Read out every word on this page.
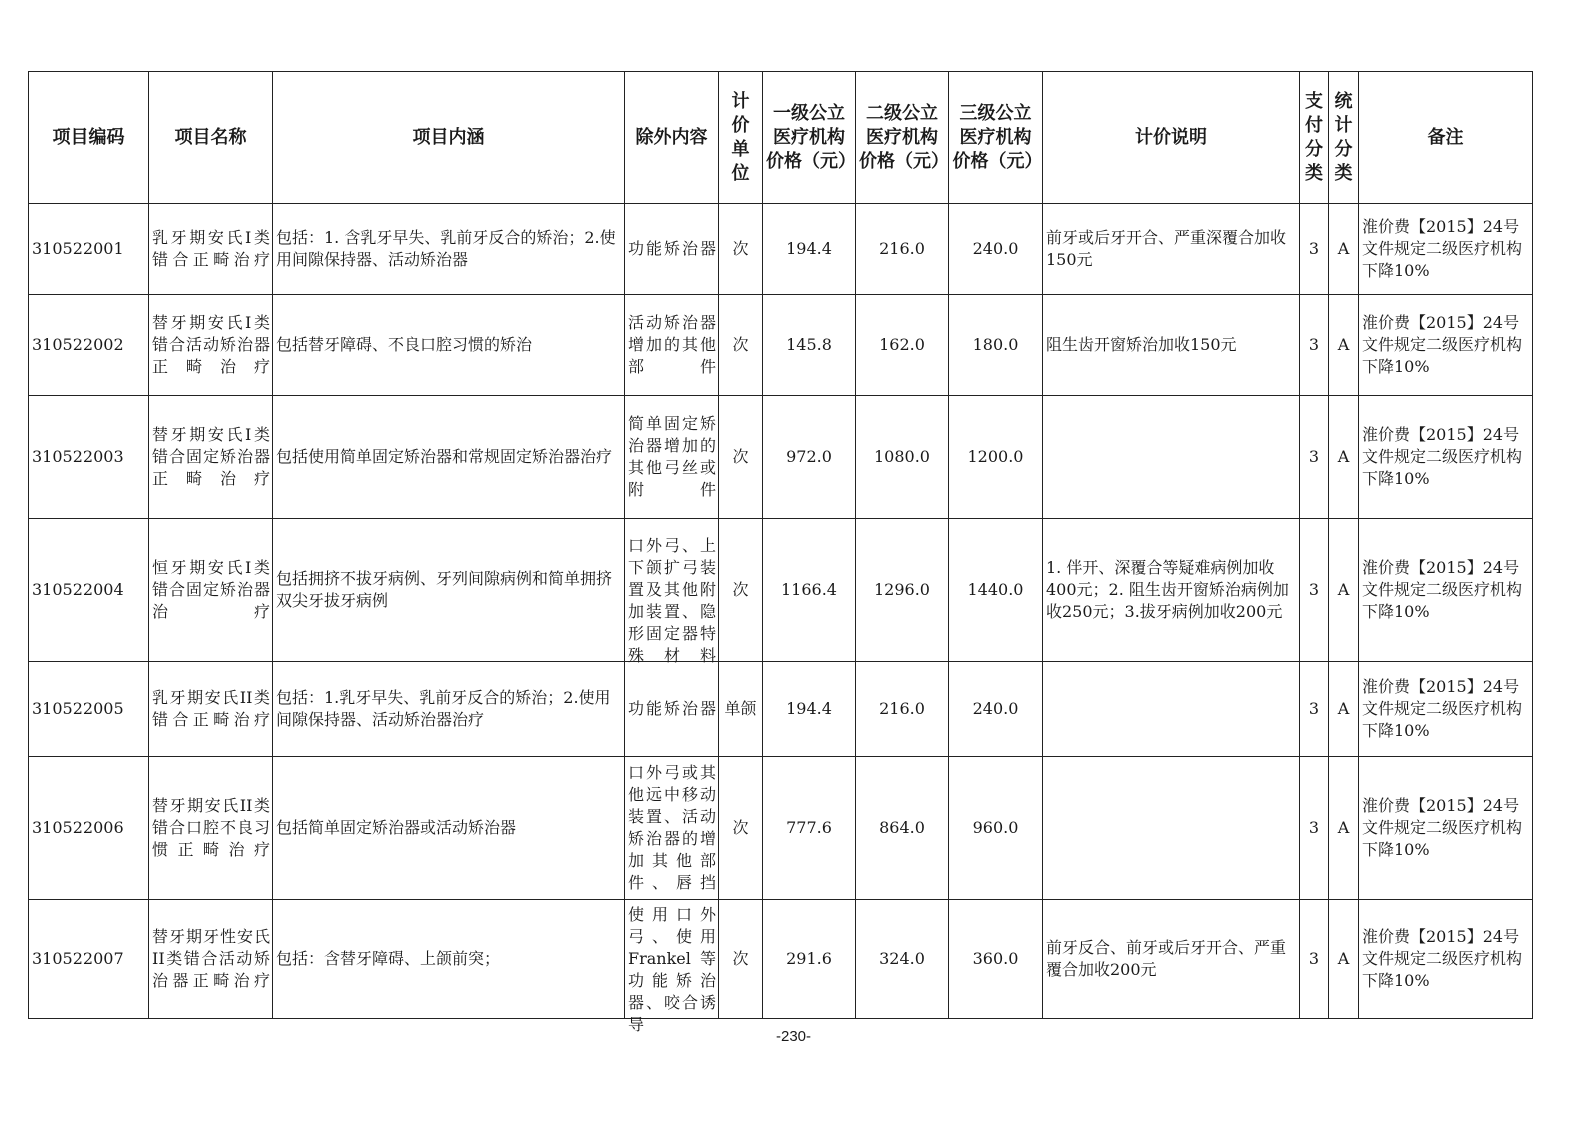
项目编码	项目名称	项目内涵	除外内容	计价单位	一级公立医疗机构价格（元）	二级公立医疗机构价格（元）	三级公立医疗机构价格（元）	计价说明	支付分类	统计分类	备注

310522001	乳牙期安氏I类错合正畸治疗	包括：1. 含乳牙早失、乳前牙反合的矫治；2.使用间隙保持器、活动矫治器	功能矫治器	次	194.4	216.0	240.0	前牙或后牙开合、严重深覆合加收150元	3	A	淮价费【2015】24号文件规定二级医疗机构下降10%

310522002	替牙期安氏I类错合活动矫治器正畸治疗	包括替牙障碍、不良口腔习惯的矫治	活动矫治器增加的其他部件	次	145.8	162.0	180.0	阻生齿开窗矫治加收150元	3	A	淮价费【2015】24号文件规定二级医疗机构下降10%

310522003	替牙期安氏I类错合固定矫治器正畸治疗	包括使用简单固定矫治器和常规固定矫治器治疗	简单固定矫治器增加的其他弓丝或附件	次	972.0	1080.0	1200.0		3	A	淮价费【2015】24号文件规定二级医疗机构下降10%

310522004	恒牙期安氏I类错合固定矫治器治疗	包括拥挤不拔牙病例、牙列间隙病例和简单拥挤双尖牙拔牙病例	口外弓、上下颌扩弓装置及其他附加装置、隐形固定器特殊材料	次	1166.4	1296.0	1440.0	1. 伴开、深覆合等疑难病例加收400元；2. 阻生齿开窗矫治病例加收250元；3.拔牙病例加收200元	3	A	淮价费【2015】24号文件规定二级医疗机构下降10%

310522005	乳牙期安氏II类错合正畸治疗	包括：1.乳牙早失、乳前牙反合的矫治；2.使用间隙保持器、活动矫治器治疗	功能矫治器	单颌	194.4	216.0	240.0		3	A	淮价费【2015】24号文件规定二级医疗机构下降10%

310522006	替牙期安氏II类错合口腔不良习惯正畸治疗	包括简单固定矫治器或活动矫治器	口外弓或其他远中移动装置、活动矫治器的增加其他部件、唇挡	次	777.6	864.0	960.0		3	A	淮价费【2015】24号文件规定二级医疗机构下降10%

310522007	替牙期牙性安氏II类错合活动矫治器正畸治疗	包括：含替牙障碍、上颌前突；	使用口外弓、使用Frankel等功能矫治器、咬合诱导	次	291.6	324.0	360.0	前牙反合、前牙或后牙开合、严重覆合加收200元	3	A	淮价费【2015】24号文件规定二级医疗机构下降10%
-230-
